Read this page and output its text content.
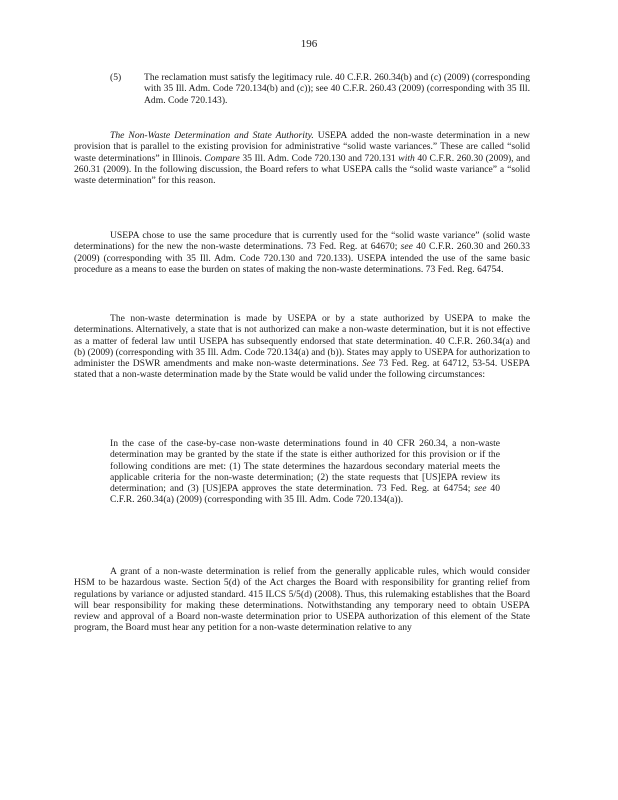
196

(5)	The reclamation must satisfy the legitimacy rule. 40 C.F.R. 260.34(b) and (c) (2009) (corresponding with 35 Ill. Adm. Code 720.134(b) and (c)); see 40 C.F.R. 260.43 (2009) (corresponding with 35 Ill. Adm. Code 720.143).

The Non-Waste Determination and State Authority. USEPA added the non-waste determination in a new provision that is parallel to the existing provision for administrative “solid waste variances.” These are called “solid waste determinations” in Illinois. Compare 35 Ill. Adm. Code 720.130 and 720.131 with 40 C.F.R. 260.30 (2009), and 260.31 (2009). In the following discussion, the Board refers to what USEPA calls the “solid waste variance” a “solid waste determination” for this reason.

USEPA chose to use the same procedure that is currently used for the “solid waste variance” (solid waste determinations) for the new the non-waste determinations. 73 Fed. Reg. at 64670; see 40 C.F.R. 260.30 and 260.33 (2009) (corresponding with 35 Ill. Adm. Code 720.130 and 720.133). USEPA intended the use of the same basic procedure as a means to ease the burden on states of making the non-waste determinations. 73 Fed. Reg. 64754.

The non-waste determination is made by USEPA or by a state authorized by USEPA to make the determinations. Alternatively, a state that is not authorized can make a non-waste determination, but it is not effective as a matter of federal law until USEPA has subsequently endorsed that state determination. 40 C.F.R. 260.34(a) and (b) (2009) (corresponding with 35 Ill. Adm. Code 720.134(a) and (b)). States may apply to USEPA for authorization to administer the DSWR amendments and make non-waste determinations. See 73 Fed. Reg. at 64712, 53-54. USEPA stated that a non-waste determination made by the State would be valid under the following circumstances:

In the case of the case-by-case non-waste determinations found in 40 CFR 260.34, a non-waste determination may be granted by the state if the state is either authorized for this provision or if the following conditions are met: (1) The state determines the hazardous secondary material meets the applicable criteria for the non-waste determination; (2) the state requests that [US]EPA review its determination; and (3) [US]EPA approves the state determination. 73 Fed. Reg. at 64754; see 40 C.F.R. 260.34(a) (2009) (corresponding with 35 Ill. Adm. Code 720.134(a)).

A grant of a non-waste determination is relief from the generally applicable rules, which would consider HSM to be hazardous waste. Section 5(d) of the Act charges the Board with responsibility for granting relief from regulations by variance or adjusted standard. 415 ILCS 5/5(d) (2008). Thus, this rulemaking establishes that the Board will bear responsibility for making these determinations. Notwithstanding any temporary need to obtain USEPA review and approval of a Board non-waste determination prior to USEPA authorization of this element of the State program, the Board must hear any petition for a non-waste determination relative to any
